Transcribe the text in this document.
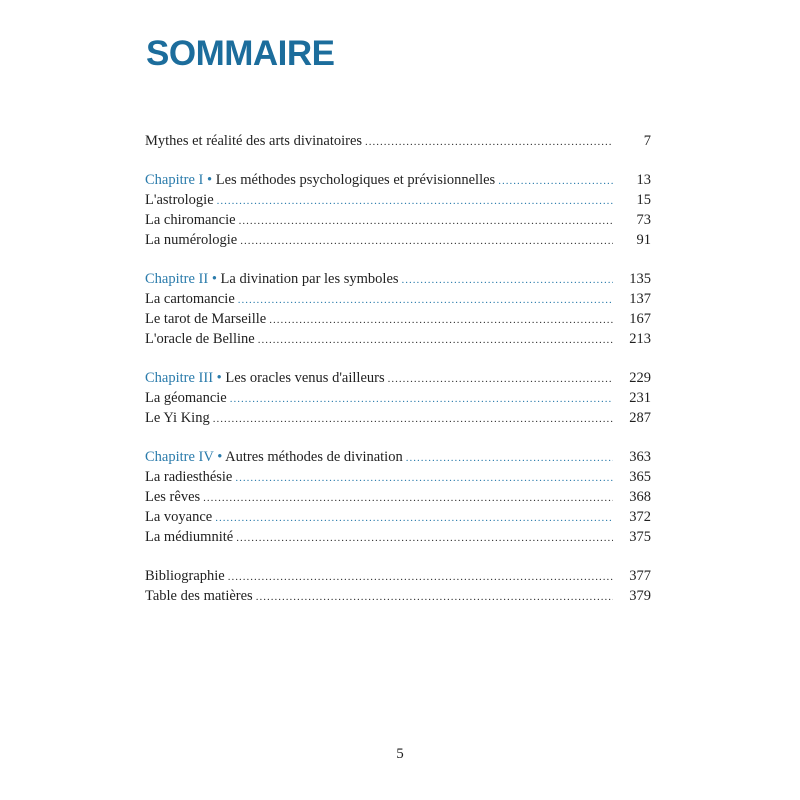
SOMMAIRE
Mythes et réalité des arts divinatoires .....	7
Chapitre I • Les méthodes psychologiques et prévisionnelles .....	13
L'astrologie .....	15
La chiromancie .....	73
La numérologie .....	91
Chapitre II • La divination par les symboles .....	135
La cartomancie .....	137
Le tarot de Marseille .....	167
L'oracle de Belline .....	213
Chapitre III • Les oracles venus d'ailleurs .....	229
La géomancie .....	231
Le Yi King .....	287
Chapitre IV • Autres méthodes de divination .....	363
La radiesthésie .....	365
Les rêves .....	368
La voyance .....	372
La médiumnité .....	375
Bibliographie .....	377
Table des matières .....	379
5
